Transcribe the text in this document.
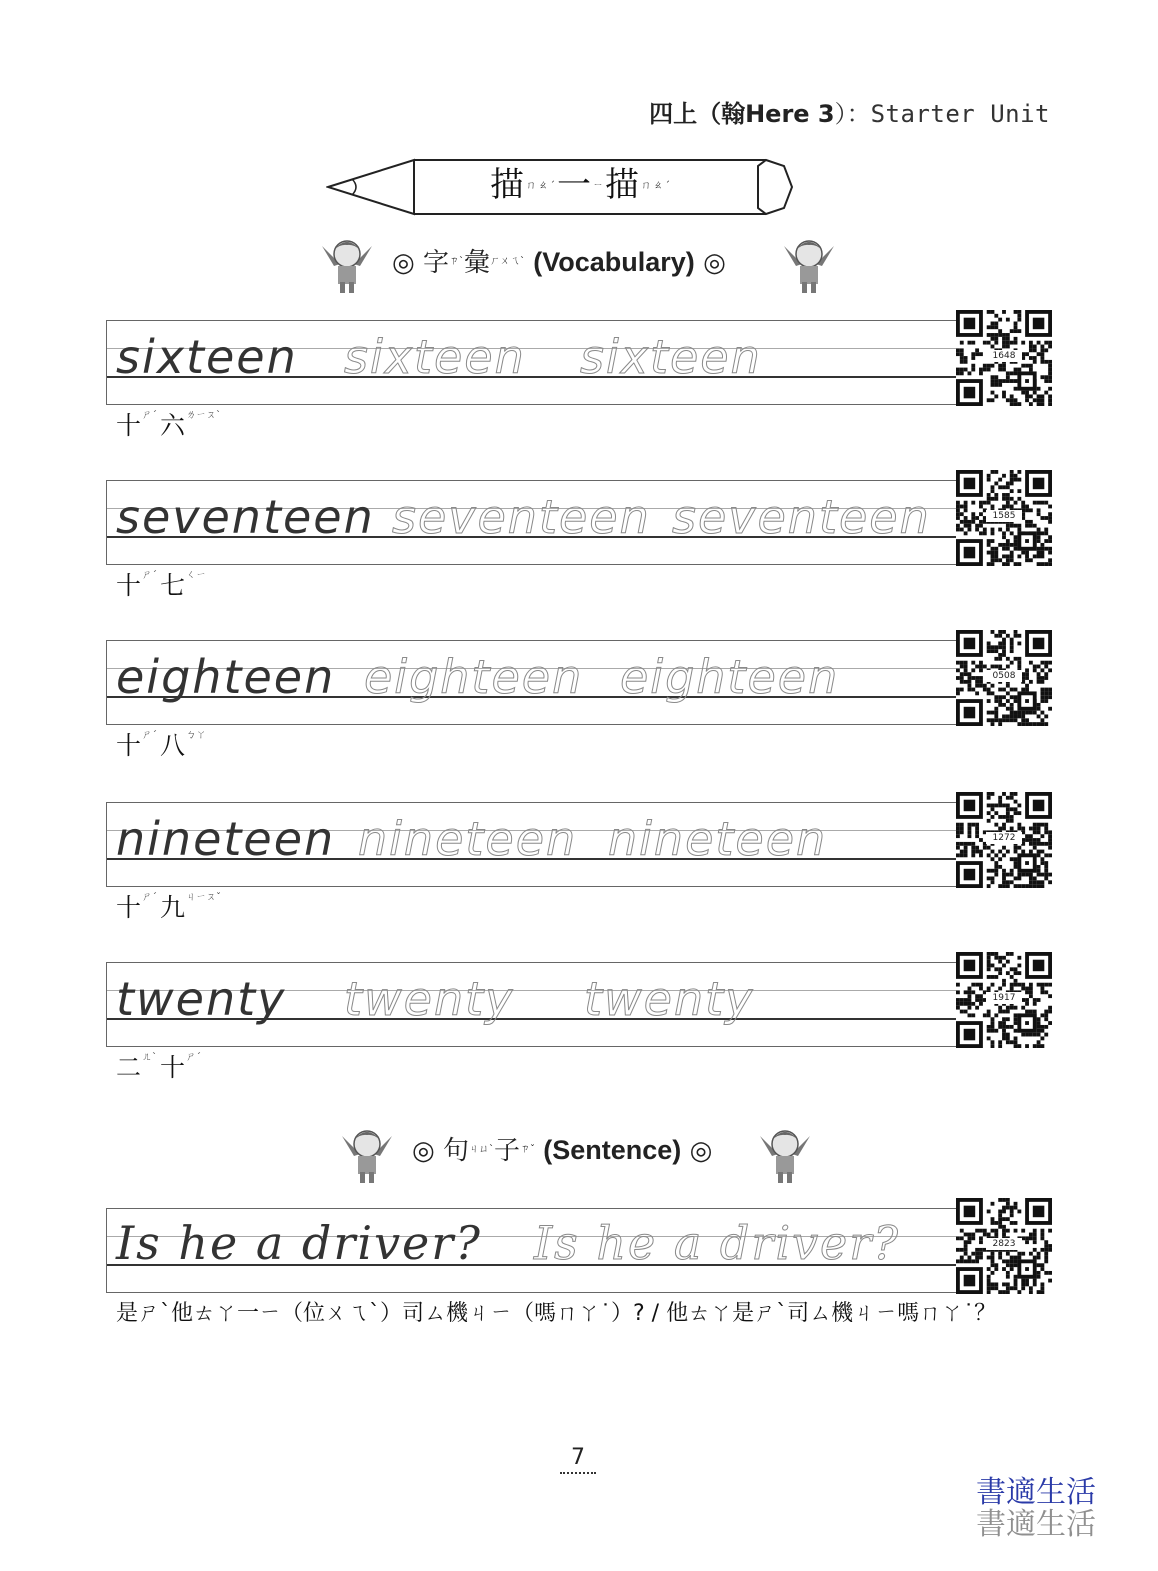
四上（翰Here 3）：Starter Unit
描ㄇㄠˊ一ㄧ描ㄇㄠˊ
◎ 字$^{ㄗˋ}$彙$^{ㄏㄨㄟˋ}$ (Vocabulary) ◎
sixteen sixteen sixteen	1648
十$^{ㄕˊ}$ 六$^{ㄌㄧㄡˋ}$
seventeen seventeen seventeen	1585
十$^{ㄕˊ}$ 七$^{ㄑㄧ}$
eighteen eighteen eighteen	0508
十$^{ㄕˊ}$ 八$^{ㄅㄚ}$
nineteen nineteen nineteen	1272
十$^{ㄕˊ}$ 九$^{ㄐㄧㄡˇ}$
twenty twenty twenty	1917
二$^{ㄦˋ}$ 十$^{ㄕˊ}$
◎ 句$^{ㄐㄩˋ}$子$^{ㄗˇ}$ (Sentence) ◎
Is he a driver? Is he a driver?	2823
是ㄕˋ他ㄊㄚ一ㄧ（位ㄨㄟˋ）司ㄙ機ㄐㄧ（嗎ㄇㄚ˙）? / 他ㄊㄚ是ㄕˋ司ㄙ機ㄐㄧ嗎ㄇㄚ˙？
7
書適生活
書適生活
